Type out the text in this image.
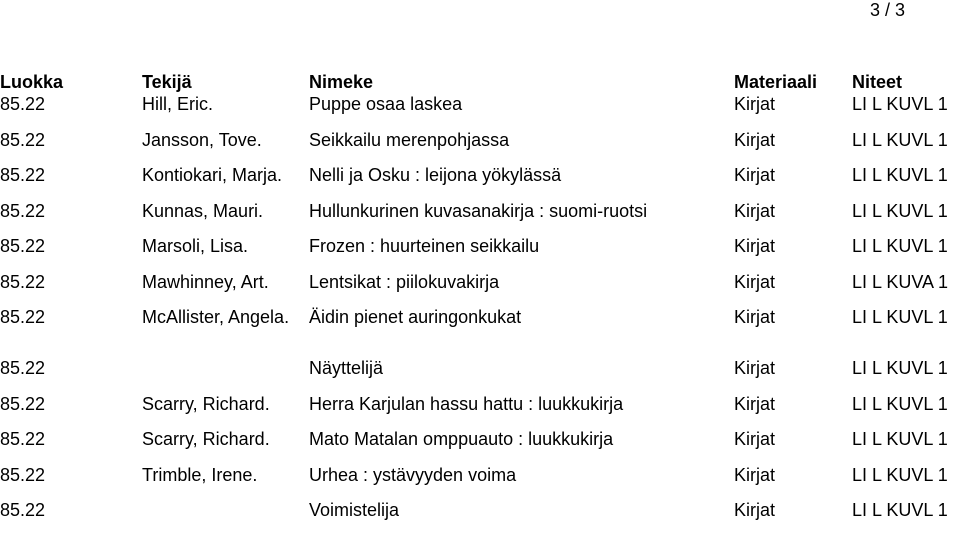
3 / 3
Luokka	Tekijä	Nimeke	Materiaali	Niteet
85.22	Hill, Eric.	Puppe osaa laskea	Kirjat	LI L KUVL 1
85.22	Jansson, Tove.	Seikkailu merenpohjassa	Kirjat	LI L KUVL 1
85.22	Kontiokari, Marja.	Nelli ja Osku : leijona yökylässä	Kirjat	LI L KUVL 1
85.22	Kunnas, Mauri.	Hullunkurinen kuvasanakirja : suomi-ruotsi	Kirjat	LI L KUVL 1
85.22	Marsoli, Lisa.	Frozen : huurteinen seikkailu	Kirjat	LI L KUVL 1
85.22	Mawhinney, Art.	Lentsikat : piilokuvakirja	Kirjat	LI L KUVA 1
85.22	McAllister, Angela.	Äidin pienet auringonkukat	Kirjat	LI L KUVL 1
85.22		Näyttelijä	Kirjat	LI L KUVL 1
85.22	Scarry, Richard.	Herra Karjulan hassu hattu : luukkukirja	Kirjat	LI L KUVL 1
85.22	Scarry, Richard.	Mato Matalan omppuauto : luukkukirja	Kirjat	LI L KUVL 1
85.22	Trimble, Irene.	Urhea : ystävyyden voima	Kirjat	LI L KUVL 1
85.22		Voimistelija	Kirjat	LI L KUVL 1
